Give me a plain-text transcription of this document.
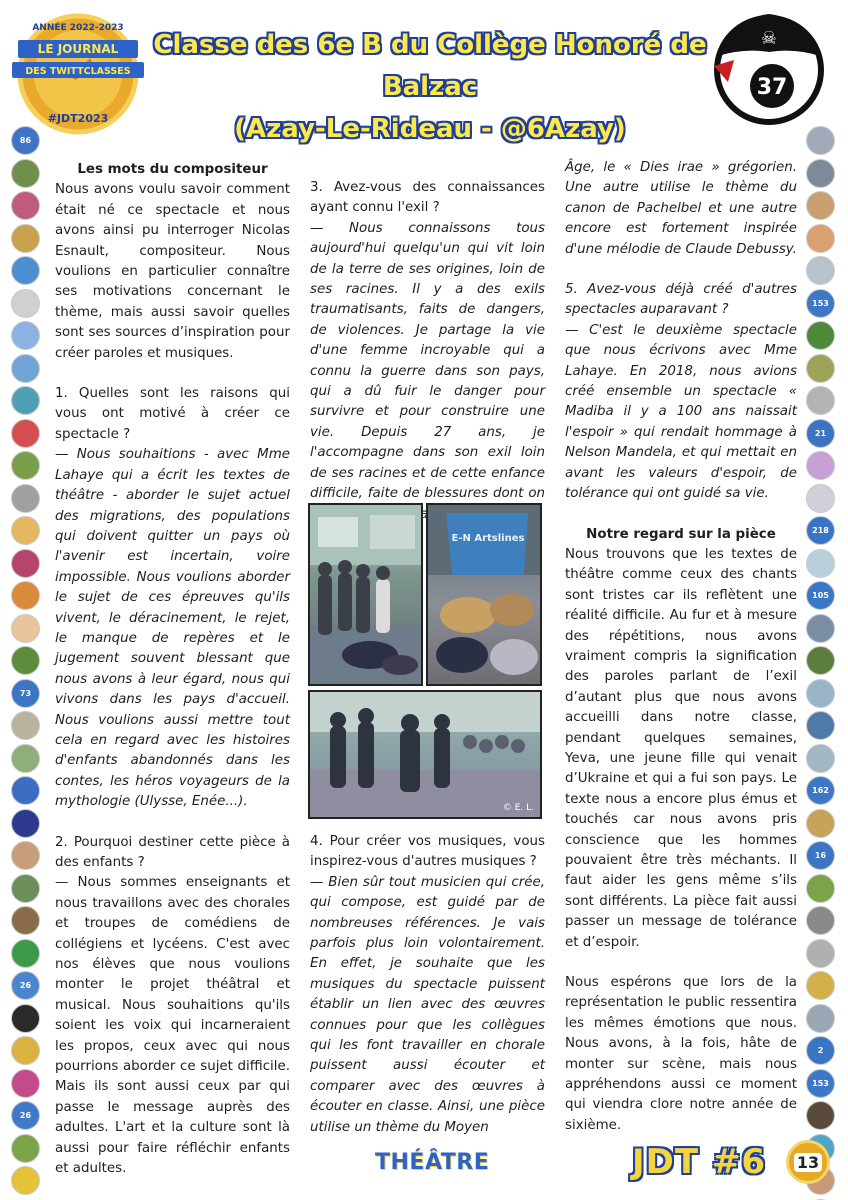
ANNÉE 2022-2023
LE JOURNAL
DES TWITTCLASSES
#JDT2023
Classe des 6e B du Collège Honoré de Balzac
(Azay-Le-Rideau - @6Azay)
☠
37
86
73
26
26
153
21
218
105
162
16
2
153
Les mots du compositeur

Nous avons voulu savoir comment était né ce spectacle et nous avons ainsi pu interroger Nicolas Esnault, compositeur. Nous voulions en particulier connaître ses motivations concernant le thème, mais aussi savoir quelles sont ses sources d’inspiration pour créer paroles et musiques.

1. Quelles sont les raisons qui vous ont motivé à créer ce spectacle ?

— Nous souhaitions - avec Mme Lahaye qui a écrit les textes de théâtre - aborder le sujet actuel des migrations, des populations qui doivent quitter un pays où l'avenir est incertain, voire impossible. Nous voulions aborder le sujet de ces épreuves qu'ils vivent, le déracinement, le rejet, le manque de repères et le jugement souvent blessant que nous avons à leur égard, nous qui vivons dans les pays d'accueil. Nous voulions aussi mettre tout cela en regard avec les histoires d'enfants abandonnés dans les contes, les héros voyageurs de la mythologie (Ulysse, Enée...).

2. Pourquoi destiner cette pièce à des enfants ?

— Nous sommes enseignants et nous travaillons avec des chorales et troupes de comédiens de collégiens et lycéens. C'est avec nos élèves que nous voulions monter le projet théâtral et musical. Nous souhaitions qu'ils soient les voix qui incarneraient les propos, ceux avec qui nous pourrions aborder ce sujet difficile. Mais ils sont aussi ceux par qui passe le message auprès des adultes. L'art et la culture sont là aussi pour faire réfléchir enfants et adultes.

3. Avez-vous des connaissances ayant connu l'exil ?

— Nous connaissons tous aujourd'hui quelqu'un qui vit loin de la terre de ses origines, loin de ses racines. Il y a des exils traumatisants, faits de dangers, de violences. Je partage la vie d'une femme incroyable qui a connu la guerre dans son pays, qui a dû fuir le danger pour survivre et pour construire une vie. Depuis 27 ans, je l'accompagne dans son exil loin de ses racines et de cette enfance difficile, faite de blessures dont on

E-N Artslines
© E. L.

4. Pour créer vos musiques, vous inspirez-vous d'autres musiques ?

— Bien sûr tout musicien qui crée, qui compose, est guidé par de nombreuses références. Je vais parfois plus loin volontairement. En effet, je souhaite que les musiques du spectacle puissent établir un lien avec des œuvres connues pour que les collègues qui les font travailler en chorale puissent aussi écouter et comparer avec des œuvres à écouter en classe. Ainsi, une pièce utilise un thème du Moyen

Âge, le « Dies irae » grégorien. Une autre utilise le thème du canon de Pachelbel et une autre encore est fortement inspirée d'une mélodie de Claude Debussy.

5. Avez-vous déjà créé d'autres spectacles auparavant ?

— C'est le deuxième spectacle que nous écrivons avec Mme Lahaye. En 2018, nous avions créé ensemble un spectacle « Madiba il y a 100 ans naissait l'espoir » qui rendait hommage à Nelson Mandela, et qui mettait en avant les valeurs d'espoir, de tolérance qui ont guidé sa vie.

Notre regard sur la pièce

Nous trouvons que les textes de théâtre comme ceux des chants sont tristes car ils reflètent une réalité difficile. Au fur et à mesure des répétitions, nous avons vraiment compris la signification des paroles parlant de l’exil d’autant plus que nous avons accueilli dans notre classe, pendant quelques semaines, Yeva, une jeune fille qui venait d’Ukraine et qui a fui son pays. Le texte nous a encore plus émus et touchés car nous avons pris conscience que les hommes pouvaient être très méchants. Il faut aider les gens même s’ils sont différents. La pièce fait aussi passer un message de tolérance et d’espoir.

Nous espérons que lors de la représentation le public ressentira les mêmes émotions que nous. Nous avons, à la fois, hâte de monter sur scène, mais nous appréhendons aussi ce moment qui viendra clore notre année de sixième.

THÉÂTRE	JDT #6 13
